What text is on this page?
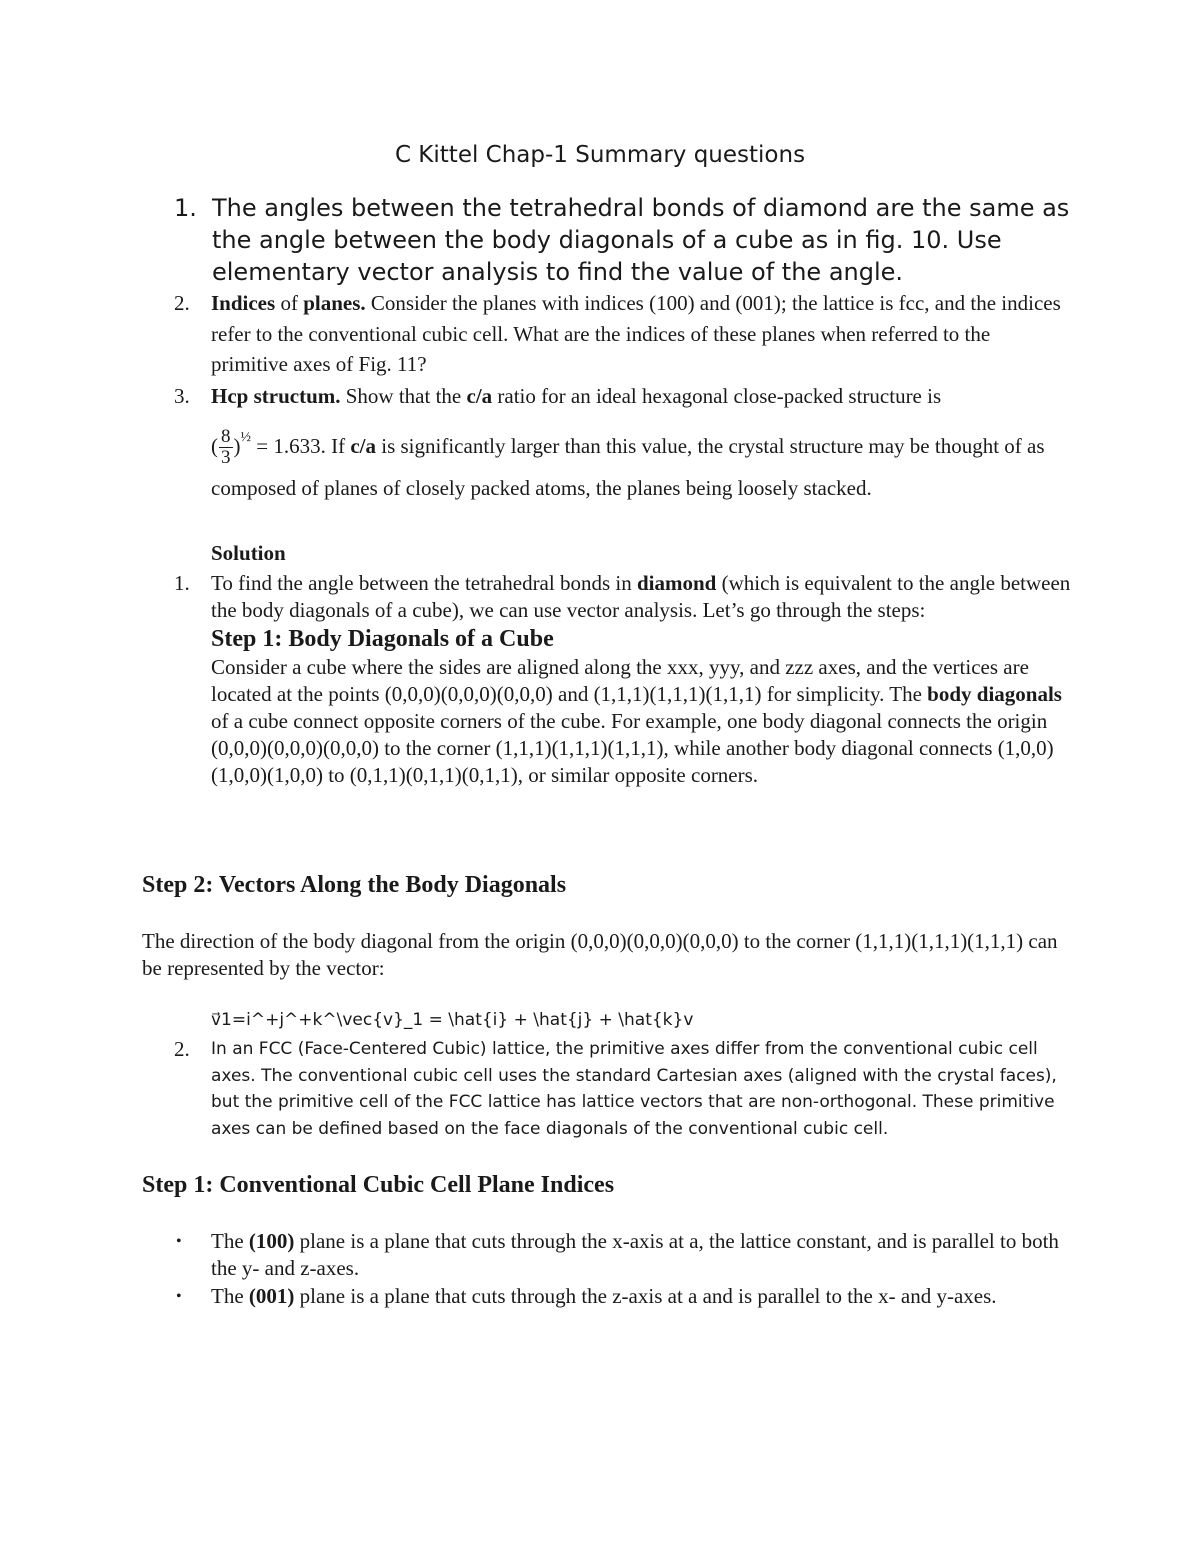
C Kittel Chap-1 Summary questions
1. The angles between the tetrahedral bonds of diamond are the same as the angle between the body diagonals of a cube as in fig. 10. Use elementary vector analysis to find the value of the angle.
2. Indices of planes. Consider the planes with indices (100) and (001); the lattice is fcc, and the indices refer to the conventional cubic cell. What are the indices of these planes when referred to the primitive axes of Fig. 11?
3. Hcp structum. Show that the c/a ratio for an ideal hexagonal close-packed structure is
( $\frac{8}{3} )^{\frac{1}{2}} = 1.633$. If c/a is significantly larger than this value, the crystal structure may be thought of as composed of planes of closely packed atoms, the planes being loosely stacked.
Solution
1. To find the angle between the tetrahedral bonds in diamond (which is equivalent to the angle between the body diagonals of a cube), we can use vector analysis. Let’s go through the steps:
Step 1: Body Diagonals of a Cube
Consider a cube where the sides are aligned along the xxx, yyy, and zzz axes, and the vertices are located at the points (0,0,0)(0,0,0)(0,0,0) and (1,1,1)(1,1,1)(1,1,1) for simplicity. The body diagonals of a cube connect opposite corners of the cube. For example, one body diagonal connects the origin (0,0,0)(0,0,0)(0,0,0) to the corner (1,1,1)(1,1,1)(1,1,1), while another body diagonal connects (1,0,0)(1,0,0)(1,0,0) to (0,1,1)(0,1,1)(0,1,1), or similar opposite corners.
Step 2: Vectors Along the Body Diagonals
The direction of the body diagonal from the origin (0,0,0)(0,0,0)(0,0,0) to the corner (1,1,1)(1,1,1)(1,1,1) can be represented by the vector:
v⃗1=i^+j^+k^\vec{v}_1 = \hat{i} + \hat{j} + \hat{k}v
2. In an FCC (Face-Centered Cubic) lattice, the primitive axes differ from the conventional cubic cell axes. The conventional cubic cell uses the standard Cartesian axes (aligned with the crystal faces), but the primitive cell of the FCC lattice has lattice vectors that are non-orthogonal. These primitive axes can be defined based on the face diagonals of the conventional cubic cell.
Step 1: Conventional Cubic Cell Plane Indices
• The (100) plane is a plane that cuts through the x-axis at a, the lattice constant, and is parallel to both the y- and z-axes.
• The (001) plane is a plane that cuts through the z-axis at a and is parallel to the x- and y-axes.
